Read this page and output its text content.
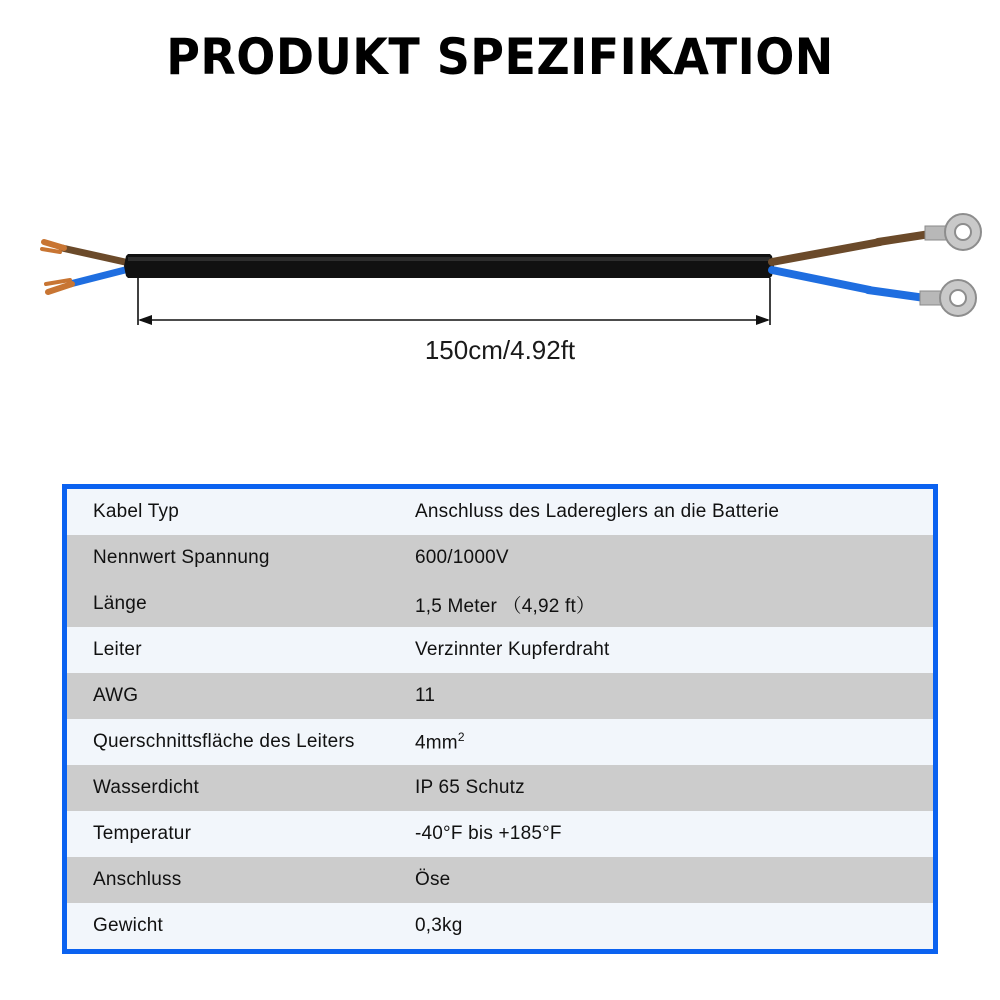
PRODUKT SPEZIFIKATION
150cm/4.92ft
Kabel Typ	Anschluss des Ladereglers an die Batterie
Nennwert Spannung	600/1000V
Länge	1,5 Meter （4,92 ft）
Leiter	Verzinnter Kupferdraht
AWG	11
Querschnittsfläche des Leiters	$4mm^2$
Wasserdicht	IP 65 Schutz
Temperatur	-40°F bis +185°F
Anschluss	Öse
Gewicht	0,3kg
